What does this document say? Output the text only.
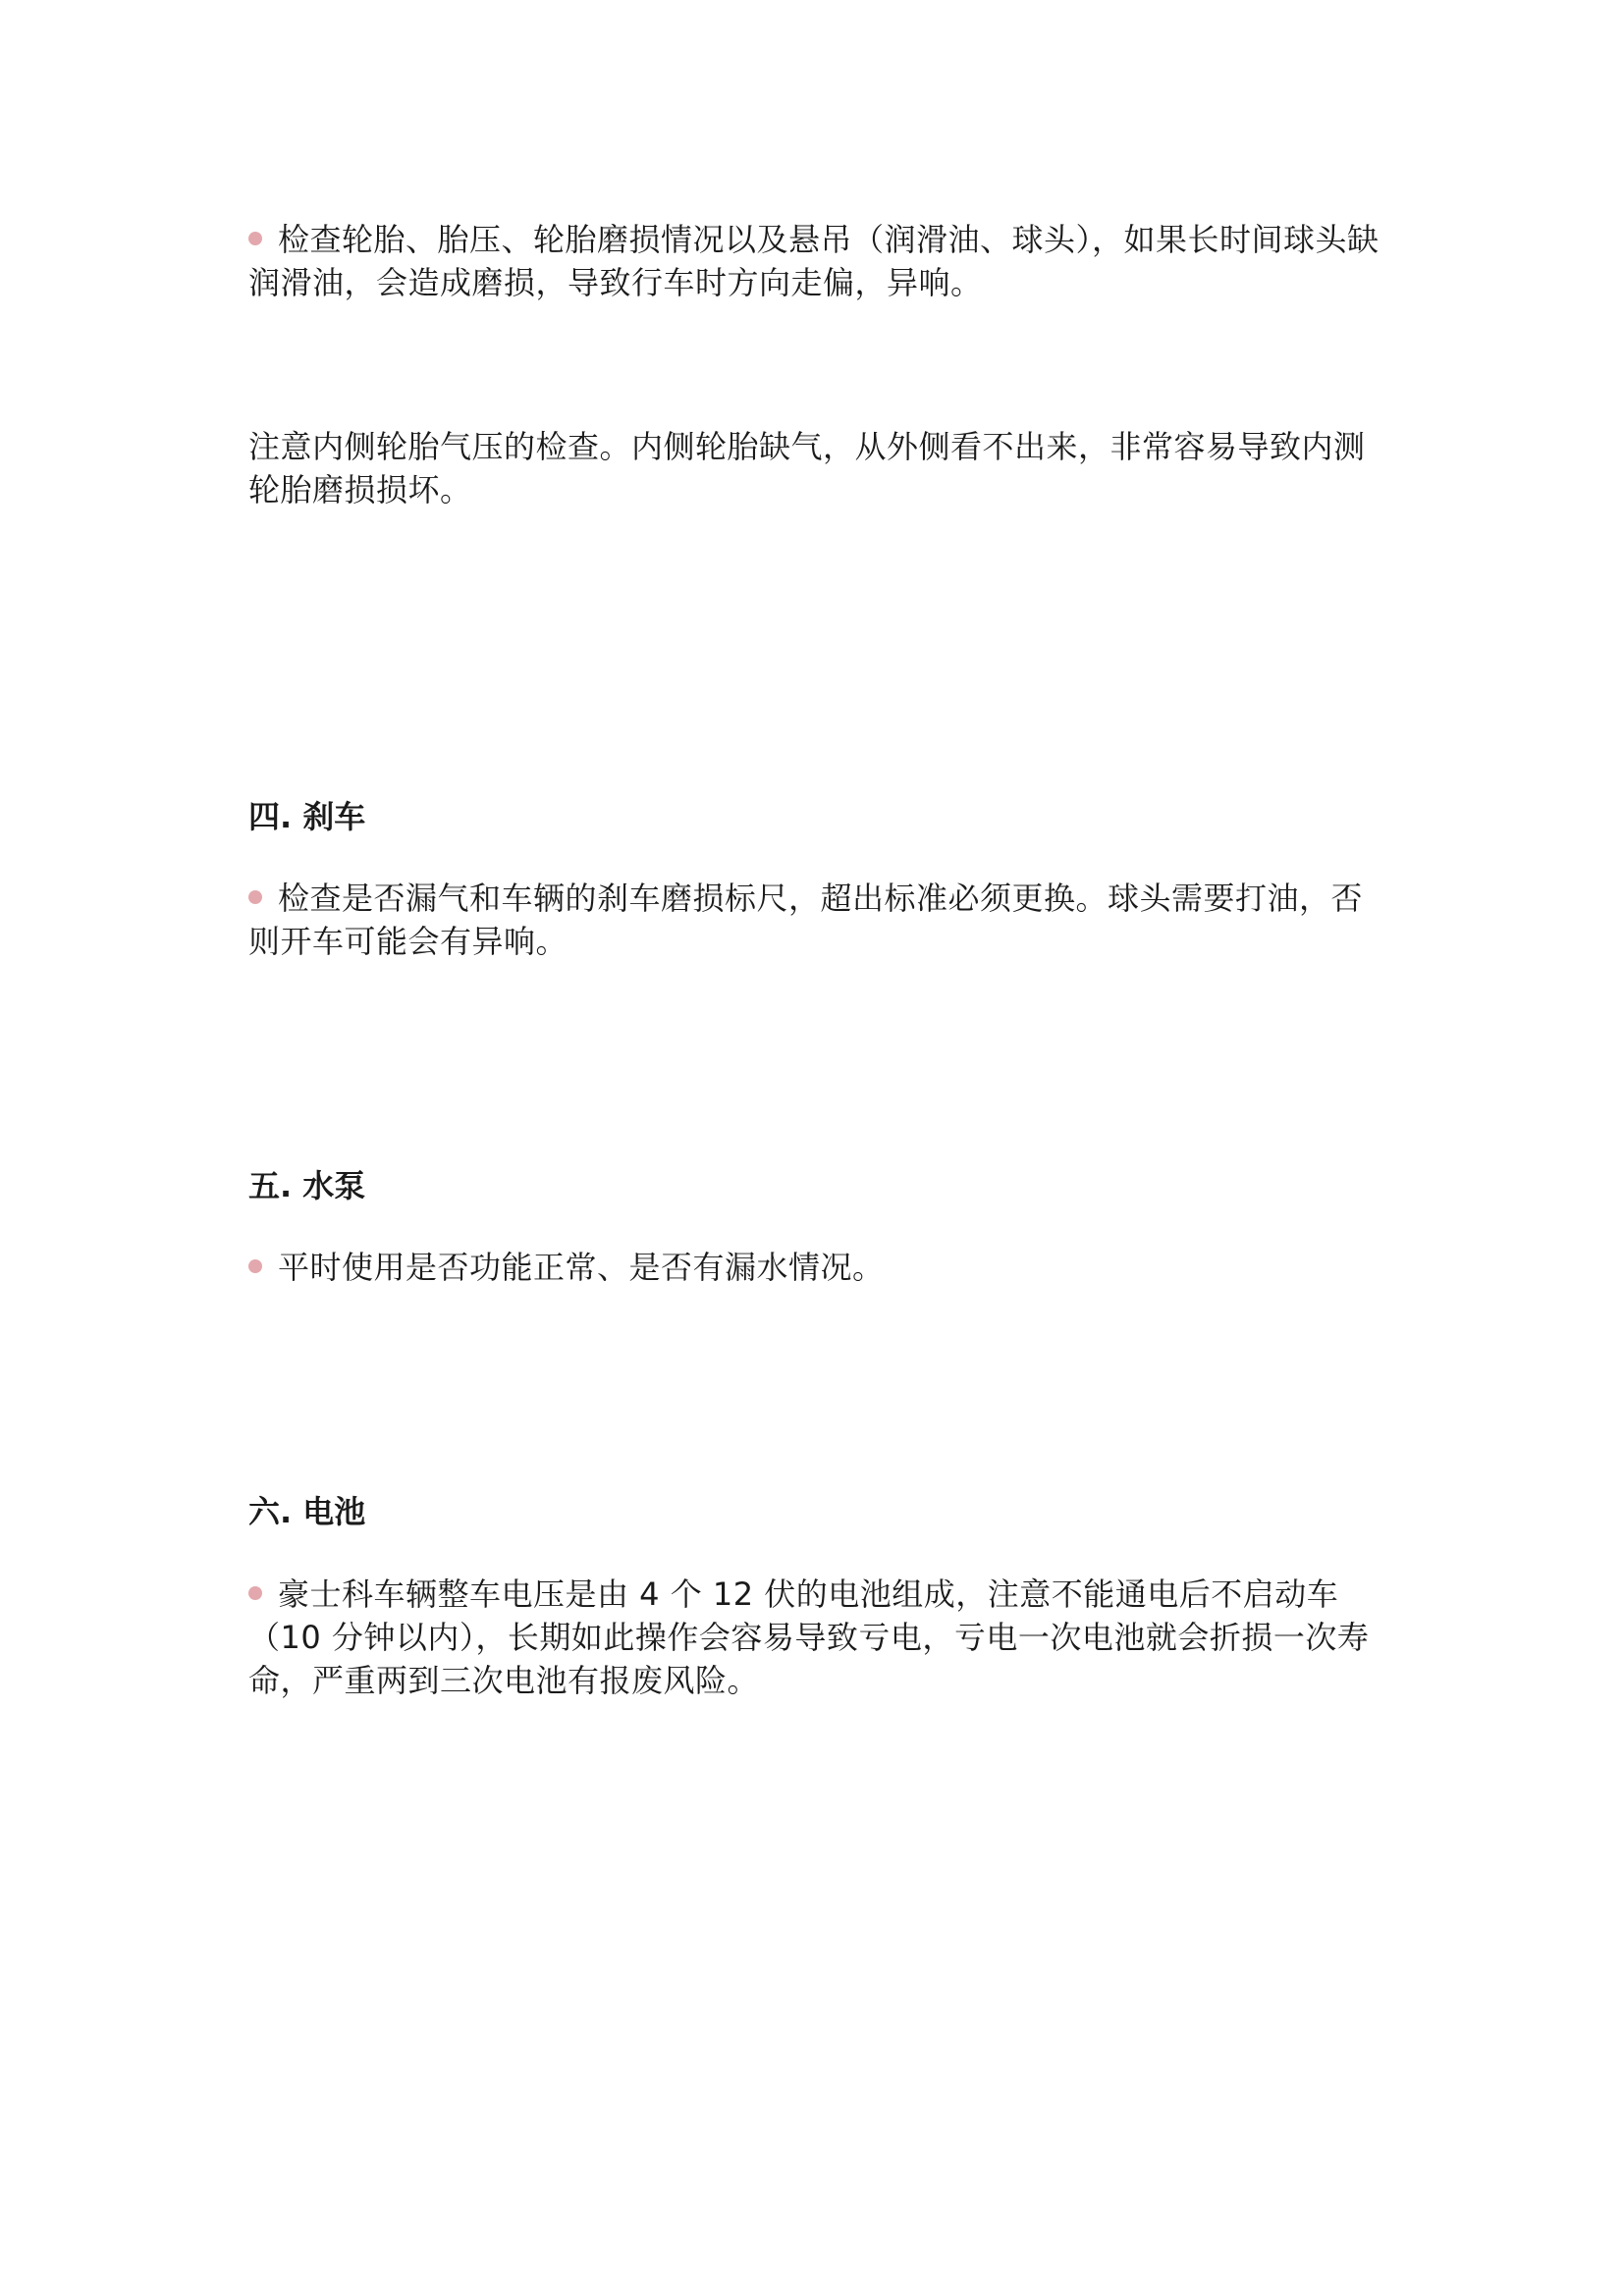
检查轮胎、胎压、轮胎磨损情况以及悬吊（润滑油、球头），如果长时间球头缺润滑油，会造成磨损，导致行车时方向走偏，异响。

注意内侧轮胎气压的检查。内侧轮胎缺气，从外侧看不出来，非常容易导致内测轮胎磨损损坏。

四. 刹车

检查是否漏气和车辆的刹车磨损标尺，超出标准必须更换。球头需要打油，否则开车可能会有异响。

五. 水泵

平时使用是否功能正常、是否有漏水情况。

六. 电池

豪士科车辆整车电压是由 4 个 12 伏的电池组成，注意不能通电后不启动车（10 分钟以内），长期如此操作会容易导致亏电，亏电一次电池就会折损一次寿命，严重两到三次电池有报废风险。
